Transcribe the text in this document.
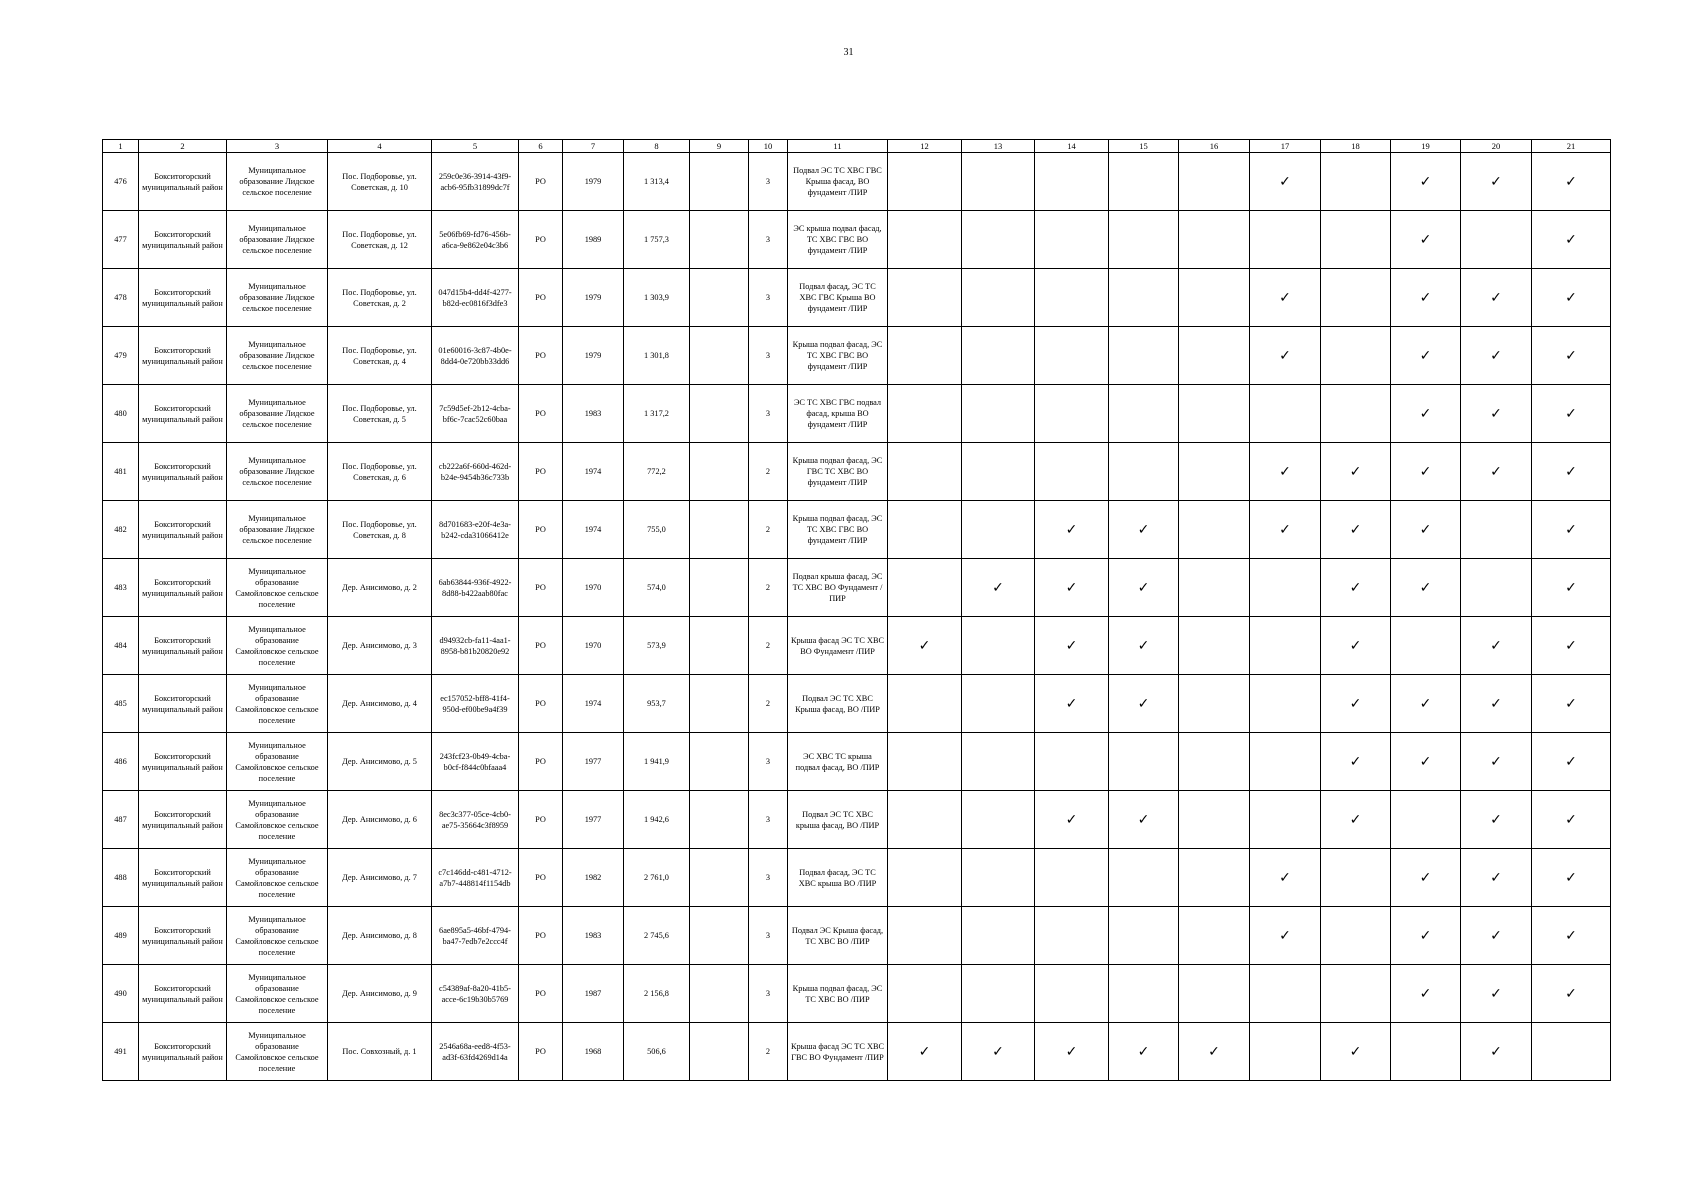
31
1	2	3	4	5	6	7	8	9	10	11	12	13	14	15	16	17	18	19	20	21
476	Бокситогорский муниципальный район	Муниципальное образование Лидское сельское поселение	Пос. Подборовье, ул. Советская, д. 10	259c0e36-3914-43f9-acb6-95fb31899dc7f	РО	1979	1 313,4		3	Подвал ЭС ТС ХВС ГВС Крыша фасад, ВО фундамент /ПИР						✓		✓	✓	✓
477	Бокситогорский муниципальный район	Муниципальное образование Лидское сельское поселение	Пос. Подборовье, ул. Советская, д. 12	5e06fb69-fd76-456b-a6ca-9e862e04c3b6	РО	1989	1 757,3		3	ЭС крыша подвал фасад, ТС ХВС ГВС ВО фундамент /ПИР								✓		✓
478	Бокситогорский муниципальный район	Муниципальное образование Лидское сельское поселение	Пос. Подборовье, ул. Советская, д. 2	047d15b4-dd4f-4277-b82d-ec0816f3dfe3	РО	1979	1 303,9		3	Подвал фасад, ЭС ТС ХВС ГВС Крыша ВО фундамент /ПИР						✓		✓	✓	✓
479	Бокситогорский муниципальный район	Муниципальное образование Лидское сельское поселение	Пос. Подборовье, ул. Советская, д. 4	01e60016-3c87-4b0e-8dd4-0e720bb33dd6	РО	1979	1 301,8		3	Крыша подвал фасад, ЭС ТС ХВС ГВС ВО фундамент /ПИР						✓		✓	✓	✓
480	Бокситогорский муниципальный район	Муниципальное образование Лидское сельское поселение	Пос. Подборовье, ул. Советская, д. 5	7c59d5ef-2b12-4cba-bf6c-7cac52c60baa	РО	1983	1 317,2		3	ЭС ТС ХВС ГВС подвал фасад, крыша ВО фундамент /ПИР								✓	✓	✓
481	Бокситогорский муниципальный район	Муниципальное образование Лидское сельское поселение	Пос. Подборовье, ул. Советская, д. 6	cb222a6f-660d-462d-b24e-9454b36c733b	РО	1974	772,2		2	Крыша подвал фасад, ЭС ГВС ТС ХВС ВО фундамент /ПИР						✓	✓	✓	✓	✓
482	Бокситогорский муниципальный район	Муниципальное образование Лидское сельское поселение	Пос. Подборовье, ул. Советская, д. 8	8d701683-e20f-4e3a-b242-cda31066412e	РО	1974	755,0		2	Крыша подвал фасад, ЭС ТС ХВС ГВС ВО фундамент /ПИР			✓	✓		✓	✓	✓		✓
483	Бокситогорский муниципальный район	Муниципальное образование Самойловское сельское поселение	Дер. Анисимово, д. 2	6ab63844-936f-4922-8d88-b422aab80fac	РО	1970	574,0		2	Подвал крыша фасад, ЭС ТС ХВС ВО Фундамент /ПИР		✓	✓	✓			✓	✓		✓
484	Бокситогорский муниципальный район	Муниципальное образование Самойловское сельское поселение	Дер. Анисимово, д. 3	d94932cb-fa11-4aa1-8958-b81b20820e92	РО	1970	573,9		2	Крыша фасад ЭС ТС ХВС ВО Фундамент /ПИР	✓		✓	✓			✓		✓	✓
485	Бокситогорский муниципальный район	Муниципальное образование Самойловское сельское поселение	Дер. Анисимово, д. 4	ec157052-bff8-41f4-950d-ef00be9a4f39	РО	1974	953,7		2	Подвал ЭС ТС ХВС Крыша фасад, ВО /ПИР			✓	✓			✓	✓	✓	✓
486	Бокситогорский муниципальный район	Муниципальное образование Самойловское сельское поселение	Дер. Анисимово, д. 5	243fcf23-0b49-4cba-b0cf-f844c0bfaaa4	РО	1977	1 941,9		3	ЭС ХВС ТС крыша подвал фасад, ВО /ПИР							✓	✓	✓	✓
487	Бокситогорский муниципальный район	Муниципальное образование Самойловское сельское поселение	Дер. Анисимово, д. 6	8ec3c377-05ce-4cb0-ae75-35664c3f8959	РО	1977	1 942,6		3	Подвал ЭС ТС ХВС крыша фасад, ВО /ПИР			✓	✓			✓		✓	✓
488	Бокситогорский муниципальный район	Муниципальное образование Самойловское сельское поселение	Дер. Анисимово, д. 7	c7c146dd-c481-4712-a7b7-448814f1154db	РО	1982	2 761,0		3	Подвал фасад, ЭС ТС ХВС крыша ВО /ПИР						✓		✓	✓	✓
489	Бокситогорский муниципальный район	Муниципальное образование Самойловское сельское поселение	Дер. Анисимово, д. 8	6ae895a5-46bf-4794-ba47-7edb7e2ccc4f	РО	1983	2 745,6		3	Подвал ЭС Крыша фасад, ТС ХВС ВО /ПИР						✓		✓	✓	✓
490	Бокситогорский муниципальный район	Муниципальное образование Самойловское сельское поселение	Дер. Анисимово, д. 9	c54389af-8a20-41b5-acce-6c19b30b5769	РО	1987	2 156,8		3	Крыша подвал фасад, ЭС ТС ХВС ВО /ПИР								✓	✓	✓
491	Бокситогорский муниципальный район	Муниципальное образование Самойловское сельское поселение	Пос. Совхозный, д. 1	2546a68a-eed8-4f53-ad3f-63fd4269d14a	РО	1968	506,6		2	Крыша фасад ЭС ТС ХВС ГВС ВО Фундамент /ПИР	✓	✓	✓	✓	✓		✓		✓	
